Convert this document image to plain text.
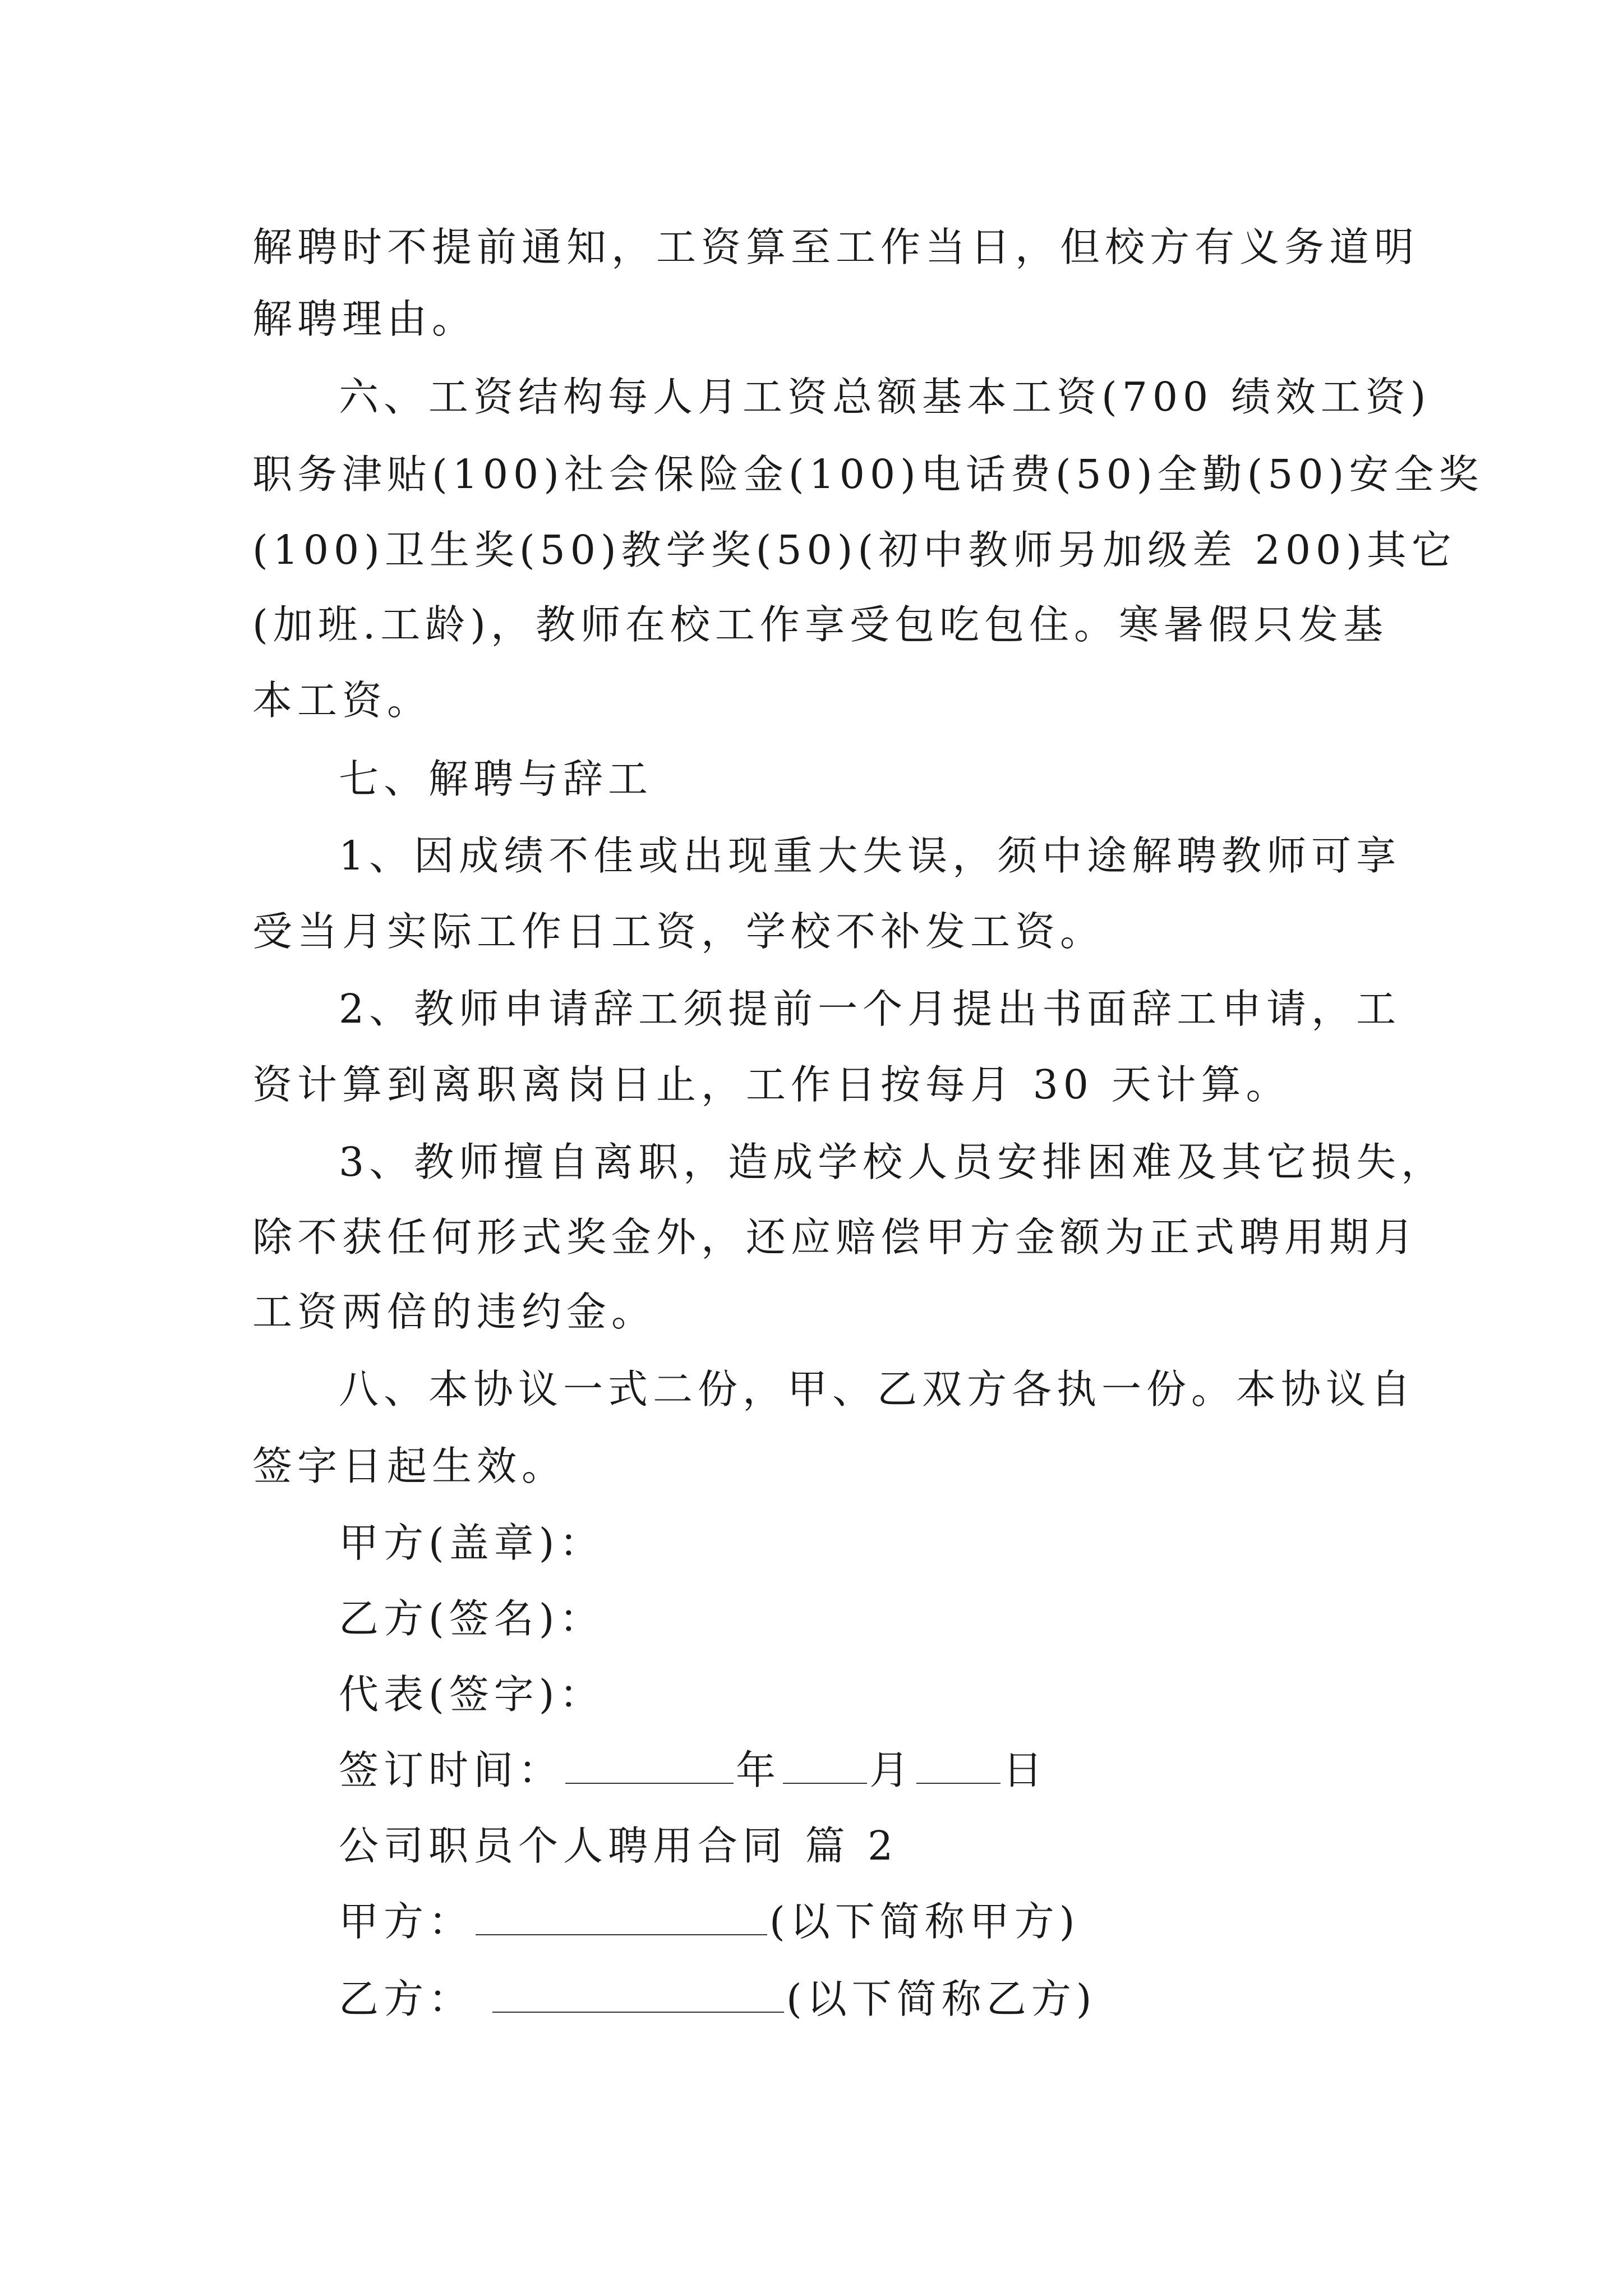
解聘时不提前通知，工资算至工作当日，但校方有义务道明
解聘理由。
六、工资结构每人月工资总额基本工资(700 绩效工资)
职务津贴(100)社会保险金(100)电话费(50)全勤(50)安全奖
(100)卫生奖(50)教学奖(50)(初中教师另加级差 200)其它
(加班.工龄)，教师在校工作享受包吃包住。寒暑假只发基
本工资。
七、解聘与辞工
1、因成绩不佳或出现重大失误，须中途解聘教师可享
受当月实际工作日工资，学校不补发工资。
2、教师申请辞工须提前一个月提出书面辞工申请，工
资计算到离职离岗日止，工作日按每月 30 天计算。
3、教师擅自离职，造成学校人员安排困难及其它损失，
除不获任何形式奖金外，还应赔偿甲方金额为正式聘用期月
工资两倍的违约金。
八、本协议一式二份，甲、乙双方各执一份。本协议自
签字日起生效。
甲方(盖章)：
乙方(签名)：
代表(签字)：
签订时间：	年 月 日
公司职员个人聘用合同 篇 2
甲方：	(以下简称甲方)
乙方：	(以下简称乙方)
